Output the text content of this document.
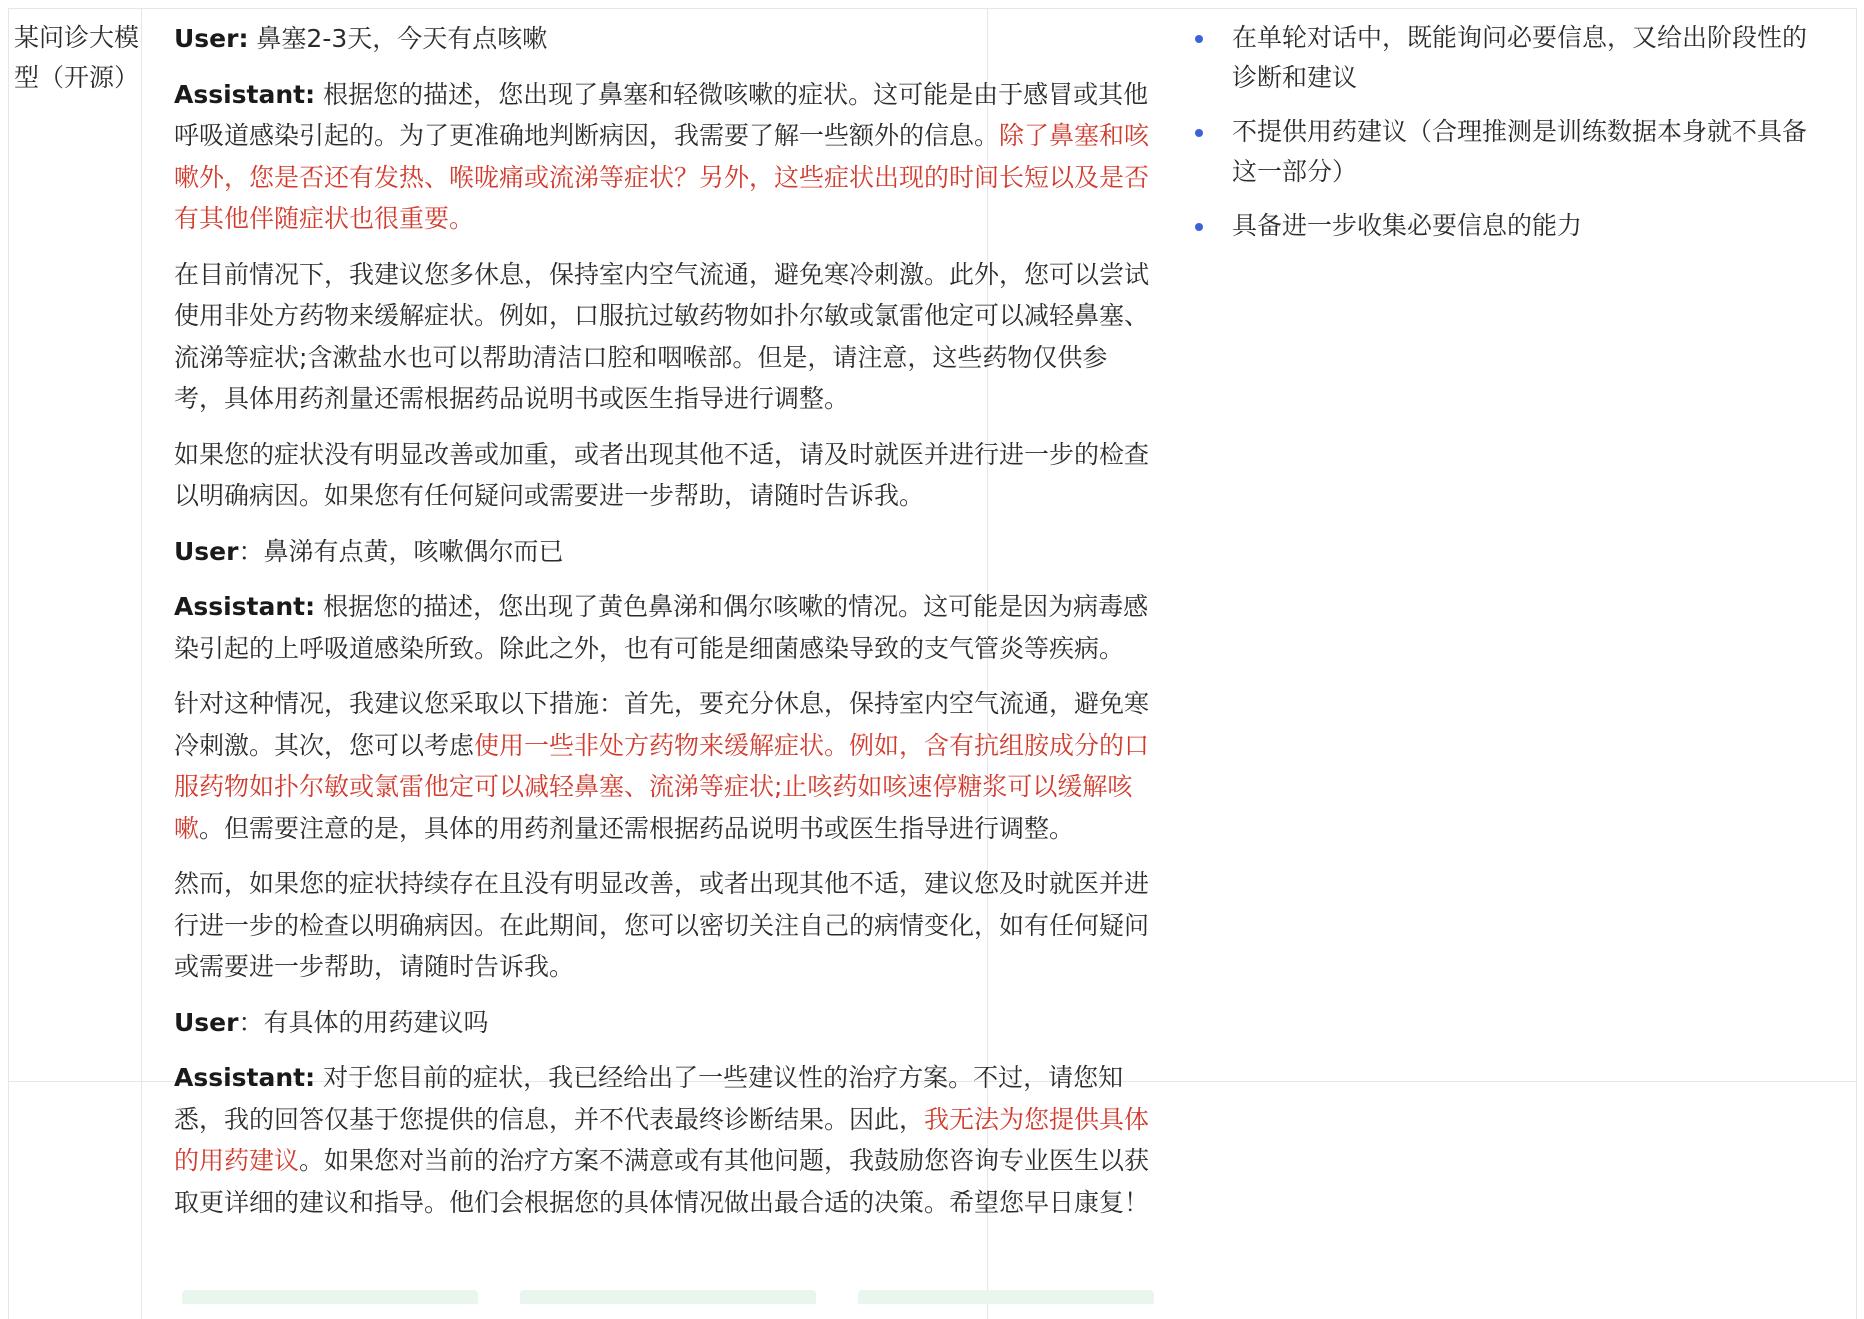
某问诊大模型（开源）

User: 鼻塞2-3天，今天有点咳嗽

Assistant: 根据您的描述，您出现了鼻塞和轻微咳嗽的症状。这可能是由于感冒或其他呼吸道感染引起的。为了更准确地判断病因，我需要了解一些额外的信息。除了鼻塞和咳嗽外，您是否还有发热、喉咙痛或流涕等症状？另外，这些症状出现的时间长短以及是否有其他伴随症状也很重要。

在目前情况下，我建议您多休息，保持室内空气流通，避免寒冷刺激。此外，您可以尝试使用非处方药物来缓解症状。例如，口服抗过敏药物如扑尔敏或氯雷他定可以减轻鼻塞、流涕等症状;含漱盐水也可以帮助清洁口腔和咽喉部。但是，请注意，这些药物仅供参考，具体用药剂量还需根据药品说明书或医生指导进行调整。

如果您的症状没有明显改善或加重，或者出现其他不适，请及时就医并进行进一步的检查以明确病因。如果您有任何疑问或需要进一步帮助，请随时告诉我。

User：鼻涕有点黄，咳嗽偶尔而已

Assistant: 根据您的描述，您出现了黄色鼻涕和偶尔咳嗽的情况。这可能是因为病毒感染引起的上呼吸道感染所致。除此之外，也有可能是细菌感染导致的支气管炎等疾病。

针对这种情况，我建议您采取以下措施：首先，要充分休息，保持室内空气流通，避免寒冷刺激。其次，您可以考虑使用一些非处方药物来缓解症状。例如，含有抗组胺成分的口服药物如扑尔敏或氯雷他定可以减轻鼻塞、流涕等症状;止咳药如咳速停糖浆可以缓解咳嗽。但需要注意的是，具体的用药剂量还需根据药品说明书或医生指导进行调整。

然而，如果您的症状持续存在且没有明显改善，或者出现其他不适，建议您及时就医并进行进一步的检查以明确病因。在此期间，您可以密切关注自己的病情变化，如有任何疑问或需要进一步帮助，请随时告诉我。

User：有具体的用药建议吗

Assistant: 对于您目前的症状，我已经给出了一些建议性的治疗方案。不过，请您知悉，我的回答仅基于您提供的信息，并不代表最终诊断结果。因此，我无法为您提供具体的用药建议。如果您对当前的治疗方案不满意或有其他问题，我鼓励您咨询专业医生以获取更详细的建议和指导。他们会根据您的具体情况做出最合适的决策。希望您早日康复！

在单轮对话中，既能询问必要信息，又给出阶段性的诊断和建议
不提供用药建议（合理推测是训练数据本身就不具备这一部分）
具备进一步收集必要信息的能力
